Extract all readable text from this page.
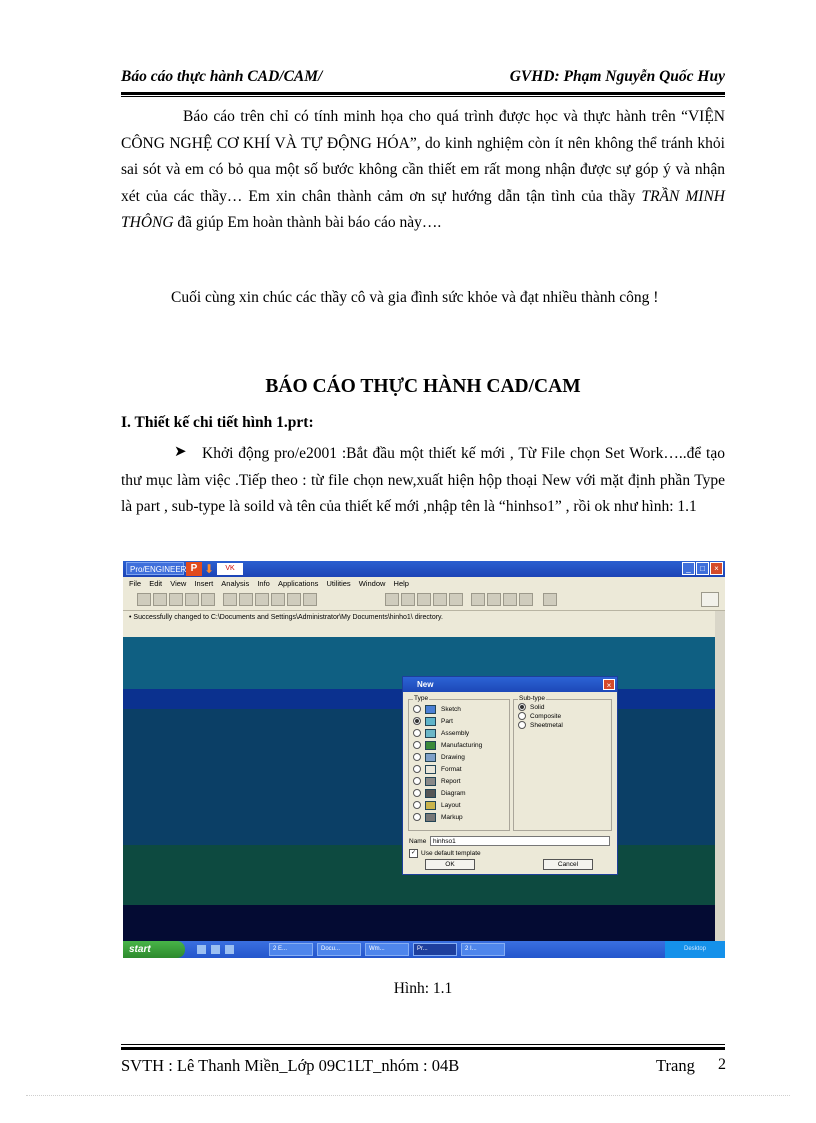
Báo cáo thực hành CAD/CAM/	GVHD: Phạm Nguyễn Quốc Huy
Báo cáo trên chỉ có tính minh họa cho quá trình được học và thực hành trên “VIỆN CÔNG NGHỆ CƠ KHÍ VÀ TỰ ĐỘNG HÓA”, do kinh nghiệm còn ít nên không thể tránh khỏi sai sót và em có bỏ qua một số bước không cần thiết em rất mong nhận được sự góp ý và nhận xét của các thầy… Em xin chân thành cảm ơn sự hướng dẫn tận tình của thầy TRẦN MINH THÔNG đã giúp Em hoàn thành bài báo cáo này….
Cuối cùng xin chúc các thầy cô và gia đình sức khỏe và đạt nhiều thành công !
BÁO CÁO THỰC HÀNH CAD/CAM
I. Thiết kế chi tiết hình 1.prt:
➤ Khởi động pro/e2001 :Bắt đầu một thiết kế mới , Từ File chọn Set Work…..để tạo thư mục làm việc .Tiếp theo : từ file chọn new,xuất hiện hộp thoại New với mặt định phần Type là part , sub-type là soild và tên của thiết kế mới ,nhập tên là “hinhso1” , rồi ok như hình: 1.1
Pro/ENGINEER P ⬇	VK	_	□	×
File Edit View Insert Analysis Info Applications Utilities Window Help
• Successfully changed to C:\Documents and Settings\Administrator\My Documents\hinho1\ directory.
New	×
Type
Sketch
Part
Assembly
Manufacturing
Drawing
Format
Report
Diagram
Layout
Markup
Sub-type
Solid
Composite
Sheetmetal
Name	hinhso1
✓ Use default template
OK	Cancel
start	2 E...	Docu...	Wm...	Pr...	2 I...	Desktop
Hình: 1.1
SVTH : Lê Thanh Miền_Lớp 09C1LT_nhóm : 04B	Trang 2
